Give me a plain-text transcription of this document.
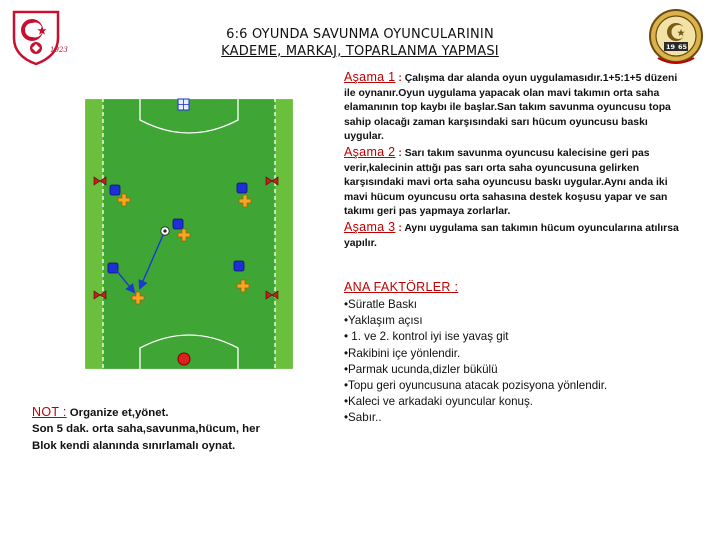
1923
6:6 OYUNDA SAVUNMA OYUNCULARININ
KADEME, MARKAJ, TOPARLANMA YAPMASI	19 65

Aşama 1 : Çalışma dar alanda oyun uygulamasıdır.1+5:1+5 düzeni ile oynanır.Oyun uygulama yapacak olan mavi takımın orta saha elamanının top kaybı ile başlar.San takım savunma oyuncusu topa sahip olacağı zaman karşısındaki sarı hücum oyuncusu baskı uygular.

Aşama 2 : Sarı takım savunma oyuncusu kalecisine geri pas verir,kalecinin attığı pas sarı orta saha oyuncusuna gelirken karşısındaki mavi orta saha oyuncusu baskı uygular.Aynı anda iki mavi hücum oyuncusu orta sahasına destek koşusu yapar ve san takımı geri pas yapmaya zorlarlar.

Aşama 3 : Aynı uygulama san takımın hücum oyuncularına atılırsa yapılır.

ANA FAKTÖRLER :
•Süratle Baskı
•Yaklaşım açısı
• 1. ve 2. kontrol iyi ise yavaş git
•Rakibini içe yönlendir.
•Parmak ucunda,dizler bükülü
•Topu geri oyuncusuna atacak pozisyona yönlendir.
•Kaleci ve arkadaki oyuncular konuş.
•Sabır..
NOT : Organize et,yönet.
Son 5 dak. orta saha,savunma,hücum, her
Blok kendi alanında sınırlamalı oynat.
